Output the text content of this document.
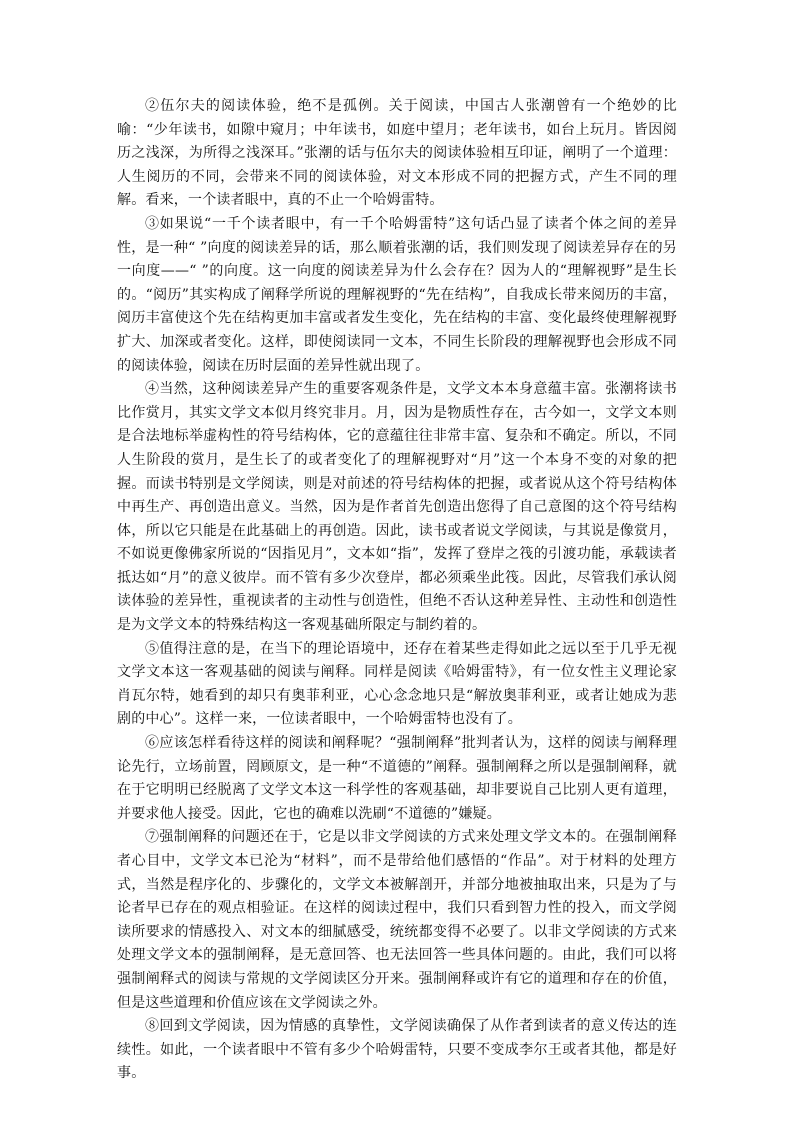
②伍尔夫的阅读体验，绝不是孤例。关于阅读，中国古人张潮曾有一个绝妙的比喻：“少年读书，如隙中窥月；中年读书，如庭中望月；老年读书，如台上玩月。皆因阅历之浅深，为所得之浅深耳。”张潮的话与伍尔夫的阅读体验相互印证，阐明了一个道理：人生阅历的不同，会带来不同的阅读体验，对文本形成不同的把握方式，产生不同的理解。看来，一个读者眼中，真的不止一个哈姆雷特。

③如果说“一千个读者眼中，有一千个哈姆雷特”这句话凸显了读者个体之间的差异性，是一种“ ”向度的阅读差异的话，那么顺着张潮的话，我们则发现了阅读差异存在的另一向度——“ ”的向度。这一向度的阅读差异为什么会存在？因为人的“理解视野”是生长的。“阅历”其实构成了阐释学所说的理解视野的“先在结构”，自我成长带来阅历的丰富，阅历丰富使这个先在结构更加丰富或者发生变化，先在结构的丰富、变化最终使理解视野扩大、加深或者变化。这样，即使阅读同一文本，不同生长阶段的理解视野也会形成不同的阅读体验，阅读在历时层面的差异性就出现了。

④当然，这种阅读差异产生的重要客观条件是，文学文本本身意蕴丰富。张潮将读书比作赏月，其实文学文本似月终究非月。月，因为是物质性存在，古今如一，文学文本则是合法地标举虚构性的符号结构体，它的意蕴往往非常丰富、复杂和不确定。所以，不同人生阶段的赏月，是生长了的或者变化了的理解视野对“月”这一个本身不变的对象的把握。而读书特别是文学阅读，则是对前述的符号结构体的把握，或者说从这个符号结构体中再生产、再创造出意义。当然，因为是作者首先创造出您得了自己意图的这个符号结构体，所以它只能是在此基础上的再创造。因此，读书或者说文学阅读，与其说是像赏月，不如说更像佛家所说的“因指见月”，文本如“指”，发挥了登岸之筏的引渡功能，承载读者抵达如“月”的意义彼岸。而不管有多少次登岸，都必须乘坐此筏。因此，尽管我们承认阅读体验的差异性，重视读者的主动性与创造性，但绝不否认这种差异性、主动性和创造性是为文学文本的特殊结构这一客观基础所限定与制约着的。

⑤值得注意的是，在当下的理论语境中，还存在着某些走得如此之远以至于几乎无视文学文本这一客观基础的阅读与阐释。同样是阅读《哈姆雷特》，有一位女性主义理论家肖瓦尔特，她看到的却只有奥菲利亚，心心念念地只是“解放奥菲利亚，或者让她成为悲剧的中心”。这样一来，一位读者眼中，一个哈姆雷特也没有了。

⑥应该怎样看待这样的阅读和阐释呢？“强制阐释”批判者认为，这样的阅读与阐释理论先行，立场前置，罔顾原文，是一种“不道德的”阐释。强制阐释之所以是强制阐释，就在于它明明已经脱离了文学文本这一科学性的客观基础，却非要说自己比别人更有道理，并要求他人接受。因此，它也的确难以洗刷“不道德的”嫌疑。

⑦强制阐释的问题还在于，它是以非文学阅读的方式来处理文学文本的。在强制阐释者心目中，文学文本已沦为“材料”，而不是带给他们感悟的“作品”。对于材料的处理方式，当然是程序化的、步骤化的，文学文本被解剖开，并部分地被抽取出来，只是为了与论者早已存在的观点相验证。在这样的阅读过程中，我们只看到智力性的投入，而文学阅读所要求的情感投入、对文本的细腻感受，统统都变得不必要了。以非文学阅读的方式来处理文学文本的强制阐释，是无意回答、也无法回答一些具体问题的。由此，我们可以将强制阐释式的阅读与常规的文学阅读区分开来。强制阐释或许有它的道理和存在的价值，但是这些道理和价值应该在文学阅读之外。

⑧回到文学阅读，因为情感的真挚性，文学阅读确保了从作者到读者的意义传达的连续性。如此，一个读者眼中不管有多少个哈姆雷特，只要不变成李尔王或者其他，都是好事。
